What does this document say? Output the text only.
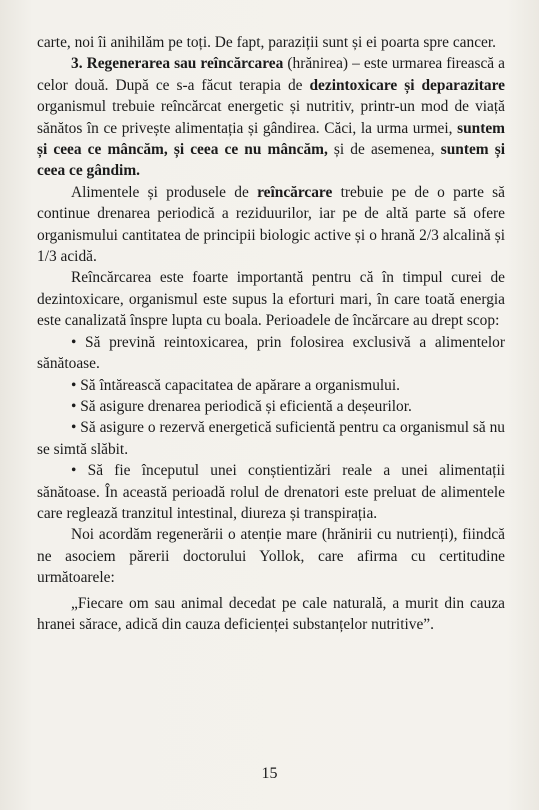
carte, noi îi anihilăm pe toți. De fapt, paraziții sunt și ei poarta spre cancer.

3. Regenerarea sau reîncărcarea (hrănirea) – este urmarea firească a celor două. După ce s-a făcut terapia de dezintoxicare și deparazitare organismul trebuie reîncărcat energetic și nutritiv, printr-un mod de viață sănătos în ce privește alimentația și gândirea. Căci, la urma urmei, suntem și ceea ce mâncăm, și ceea ce nu mâncăm, și de asemenea, suntem și ceea ce gândim.

Alimentele și produsele de reîncărcare trebuie pe de o parte să continue drenarea periodică a reziduurilor, iar pe de altă parte să ofere organismului cantitatea de principii biologic active și o hrană 2/3 alcalină și 1/3 acidă.

Reîncărcarea este foarte importantă pentru că în timpul curei de dezintoxicare, organismul este supus la eforturi mari, în care toată energia este canalizată înspre lupta cu boala. Perioadele de încărcare au drept scop:

• Să prevină reintoxicarea, prin folosirea exclusivă a alimentelor sănătoase.

• Să întărească capacitatea de apărare a organismului.

• Să asigure drenarea periodică și eficientă a deșeurilor.

• Să asigure o rezervă energetică suficientă pentru ca organismul să nu se simtă slăbit.

• Să fie începutul unei conștientizări reale a unei alimentații sănătoase. În această perioadă rolul de drenatori este preluat de alimentele care reglează tranzitul intestinal, diureza și transpirația.

Noi acordăm regenerării o atenție mare (hrănirii cu nutrienți), fiindcă ne asociem părerii doctorului Yollok, care afirma cu certitudine următoarele:

„Fiecare om sau animal decedat pe cale naturală, a murit din cauza hranei sărace, adică din cauza deficienței substanțelor nutritive”.

15
